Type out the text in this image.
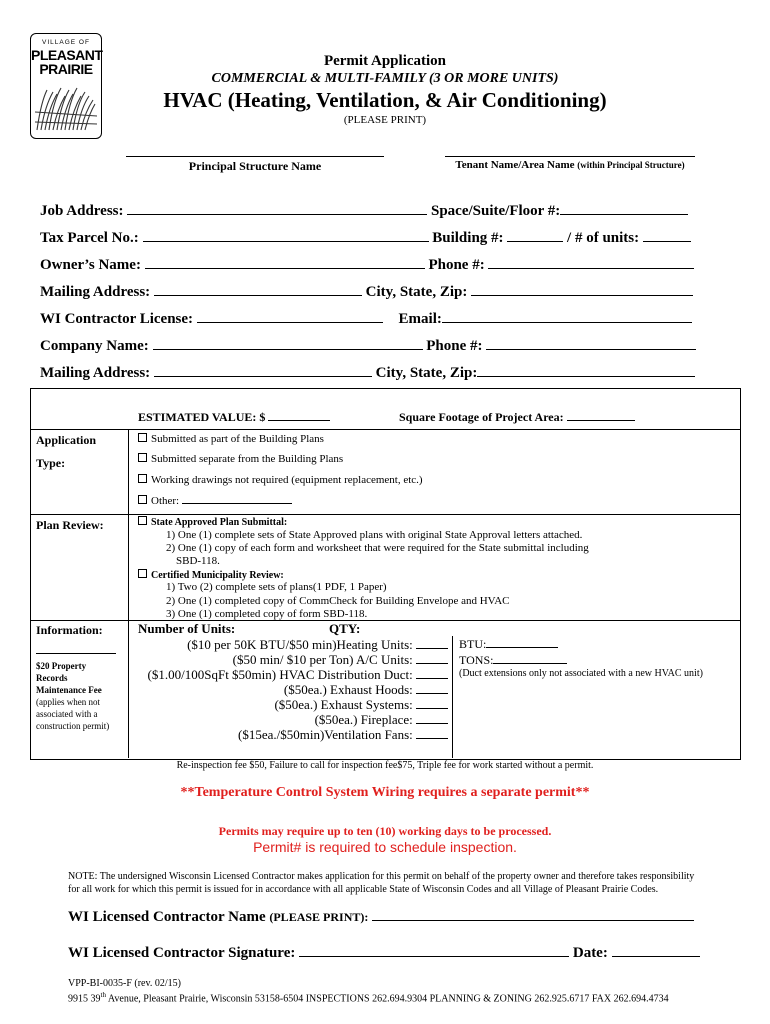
VILLAGE OF
PLEASANT
PRAIRIE	Permit Application
COMMERCIAL & MULTI-FAMILY (3 OR MORE UNITS)
HVAC (Heating, Ventilation, & Air Conditioning)
(PLEASE PRINT)
Principal Structure Name	Tenant Name/Area Name (within Principal Structure)
Job Address:	Space/Suite/Floor #:
Tax Parcel No.:	Building #:	/ # of units:
Owner’s Name:	Phone #:
Mailing Address:	City, State, Zip:
WI Contractor License:	Email:
Company Name:	Phone #:
Mailing Address:	City, State, Zip:
ESTIMATED VALUE: $	Square Footage of Project Area:
Application
Type:
Submitted as part of the Building Plans
Submitted separate from the Building Plans
Working drawings not required (equipment replacement, etc.)
Other:
Plan Review:	State Approved Plan Submittal:
1) One (1) complete sets of State Approved plans with original State Approval letters attached.
2) One (1) copy of each form and worksheet that were required for the State submittal including
SBD-118.
Certified Municipality Review:
1) Two (2) complete sets of plans(1 PDF, 1 Paper)
2) One (1) completed copy of CommCheck for Building Envelope and HVAC
3) One (1) completed copy of form SBD-118.
Information:
$20 Property
Records
Maintenance Fee
(applies when not
associated with a
construction permit)
Number of Units:	QTY:
($10 per 50K BTU/$50 min)Heating Units:
($50 min/ $10 per Ton) A/C Units:
($1.00/100SqFt $50min) HVAC Distribution Duct:
($50ea.) Exhaust Hoods:
($50ea.) Exhaust Systems:
($50ea.) Fireplace:
($15ea./$50min)Ventilation Fans:
BTU:
TONS:
(Duct extensions only not associated with a new HVAC unit)
Re-inspection fee $50, Failure to call for inspection fee$75, Triple fee for work started without a permit.
**Temperature Control System Wiring requires a separate permit**
Permits may require up to ten (10) working days to be processed.
Permit# is required to schedule inspection.
NOTE: The undersigned Wisconsin Licensed Contractor makes application for this permit on behalf of the property owner and therefore takes responsibility
for all work for which this permit is issued for in accordance with all applicable State of Wisconsin Codes and all Village of Pleasant Prairie Codes.
WI Licensed Contractor Name (PLEASE PRINT):
WI Licensed Contractor Signature:	Date:
VPP-BI-0035-F (rev. 02/15)
9915 39th Avenue, Pleasant Prairie, Wisconsin 53158-6504 INSPECTIONS 262.694.9304 PLANNING & ZONING 262.925.6717 FAX 262.694.4734
